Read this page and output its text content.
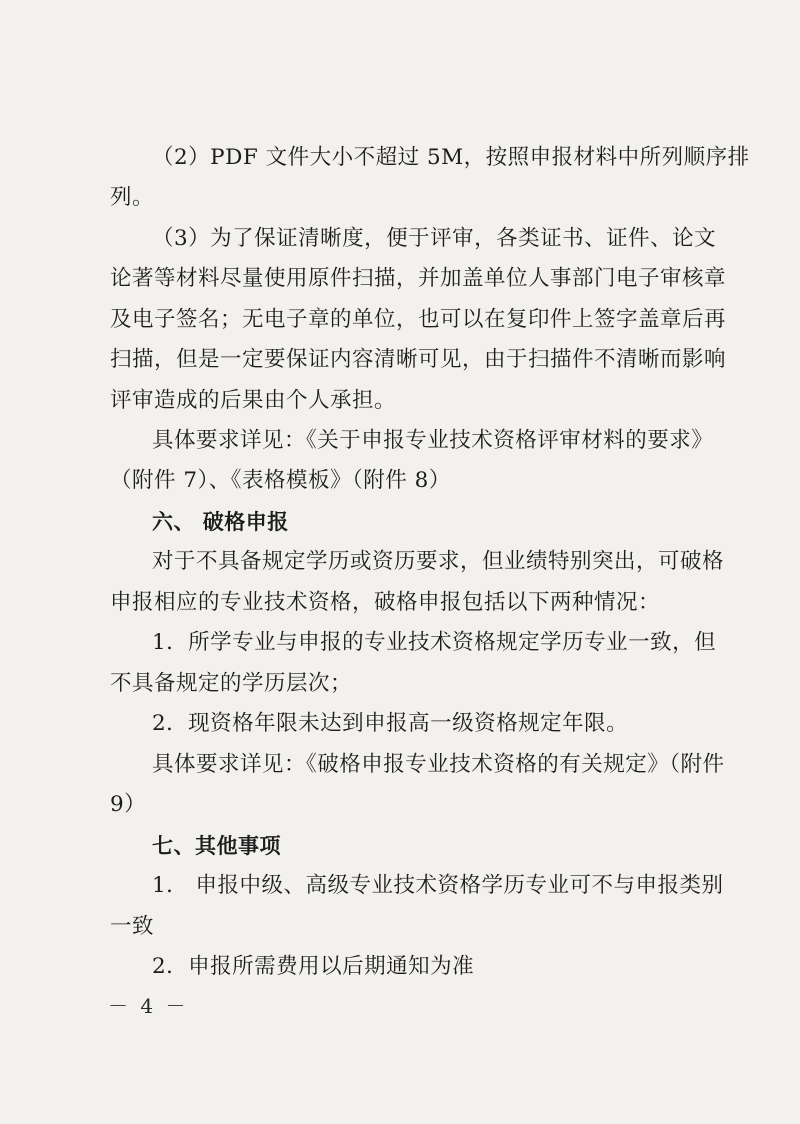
（2）PDF 文件大小不超过 5M，按照申报材料中所列顺序排
列。
（3）为了保证清晰度，便于评审，各类证书、证件、论文
论著等材料尽量使用原件扫描，并加盖单位人事部门电子审核章
及电子签名；无电子章的单位，也可以在复印件上签字盖章后再
扫描，但是一定要保证内容清晰可见，由于扫描件不清晰而影响
评审造成的后果由个人承担。
具体要求详见：《关于申报专业技术资格评审材料的要求》
（附件 7）、《表格模板》（附件 8）
六、 破格申报
对于不具备规定学历或资历要求，但业绩特别突出，可破格
申报相应的专业技术资格，破格申报包括以下两种情况：
1．所学专业与申报的专业技术资格规定学历专业一致，但
不具备规定的学历层次；
2．现资格年限未达到申报高一级资格规定年限。
具体要求详见：《破格申报专业技术资格的有关规定》（附件
9）
七、其他事项
1． 申报中级、高级专业技术资格学历专业可不与申报类别
一致
2．申报所需费用以后期通知为准
－ 4 －
